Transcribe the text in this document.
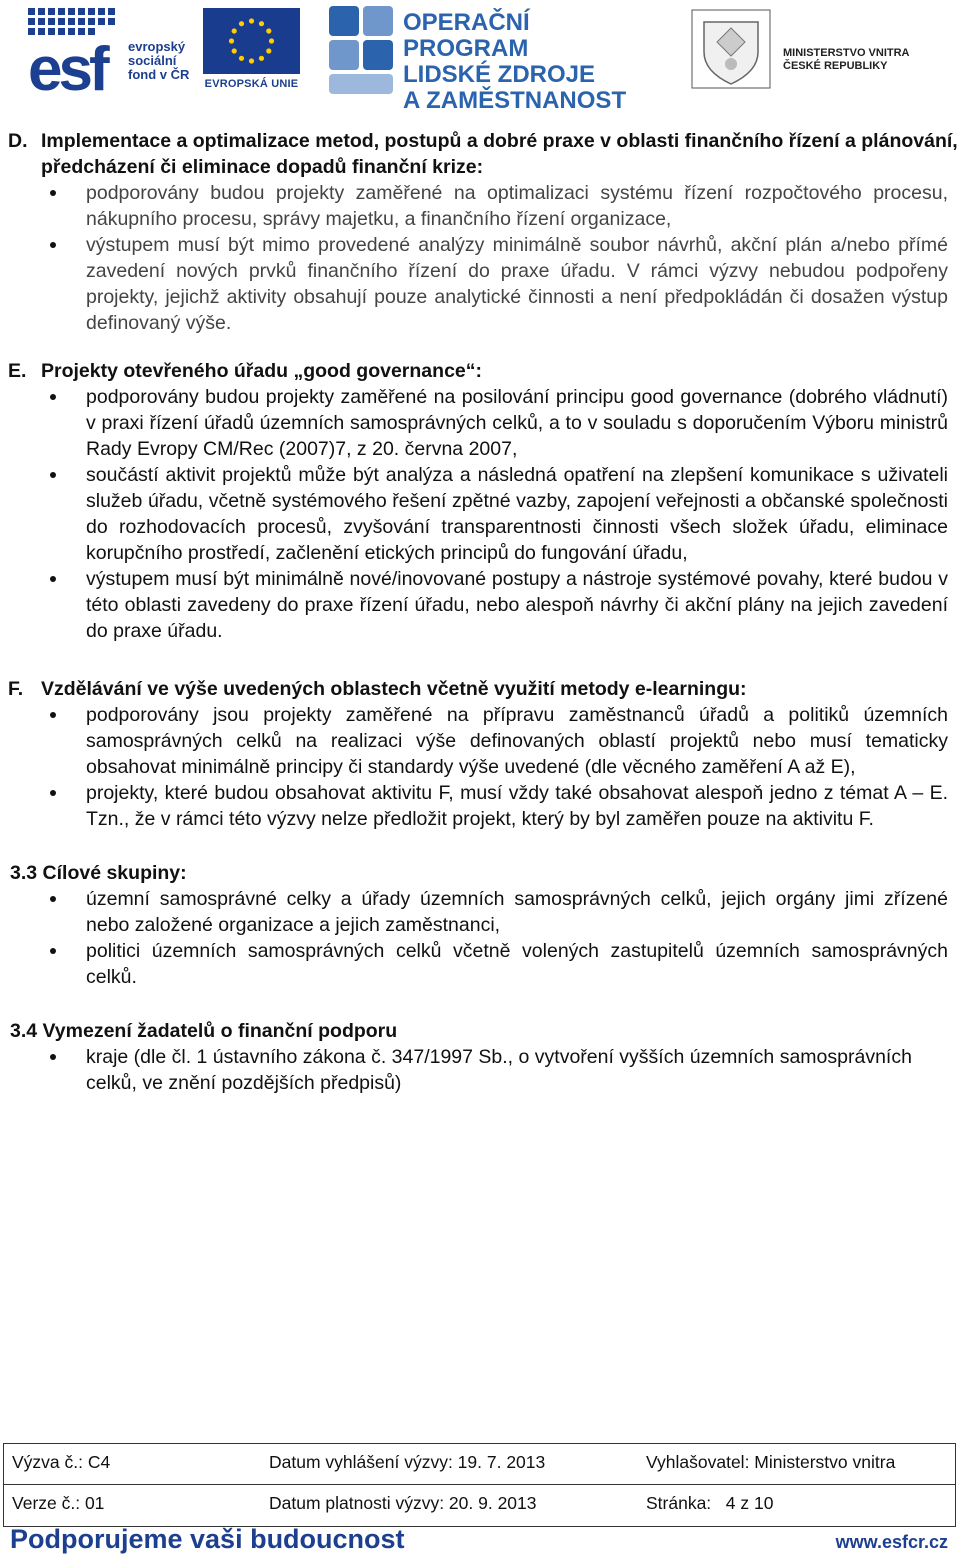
esf	evropský
sociální
fond v ČR
EVROPSKÁ UNIE
OPERAČNÍ PROGRAM
LIDSKÉ ZDROJE
A ZAMĚSTNANOST
MINISTERSTVO VNITRA
ČESKÉ REPUBLIKY
D. Implementace a optimalizace metod, postupů a dobré praxe v oblasti finančního řízení a plánování, předcházení či eliminace dopadů finanční krize:
podporovány budou projekty zaměřené na optimalizaci systému řízení rozpočtového procesu, nákupního procesu, správy majetku, a finančního řízení organizace,
výstupem musí být mimo provedené analýzy minimálně soubor návrhů, akční plán a/nebo přímé zavedení nových prvků finančního řízení do praxe úřadu. V rámci výzvy nebudou podpořeny projekty, jejichž aktivity obsahují pouze analytické činnosti a není předpokládán či dosažen výstup definovaný výše.
E. Projekty otevřeného úřadu „good governance“:
podporovány budou projekty zaměřené na posilování principu good governance (dobrého vládnutí) v praxi řízení úřadů územních samosprávných celků, a to v souladu s doporučením Výboru ministrů Rady Evropy CM/Rec (2007)7, z 20. června 2007,
součástí aktivit projektů může být analýza a následná opatření na zlepšení komunikace s uživateli služeb úřadu, včetně systémového řešení zpětné vazby, zapojení veřejnosti a občanské společnosti do rozhodovacích procesů, zvyšování transparentnosti činnosti všech složek úřadu, eliminace korupčního prostředí, začlenění etických principů do fungování úřadu,
výstupem musí být minimálně nové/inovované postupy a nástroje systémové povahy, které budou v této oblasti zavedeny do praxe řízení úřadu, nebo alespoň návrhy či akční plány na jejich zavedení do praxe úřadu.
F. Vzdělávání ve výše uvedených oblastech včetně využití metody e-learningu:
podporovány jsou projekty zaměřené na přípravu zaměstnanců úřadů a politiků územních samosprávných celků na realizaci výše definovaných oblastí projektů nebo musí tematicky obsahovat minimálně principy či standardy výše uvedené (dle věcného zaměření A až E),
projekty, které budou obsahovat aktivitu F, musí vždy také obsahovat alespoň jedno z témat A – E. Tzn., že v rámci této výzvy nelze předložit projekt, který by byl zaměřen pouze na aktivitu F.
3.3 Cílové skupiny:
územní samosprávné celky a úřady územních samosprávných celků, jejich orgány jimi zřízené nebo založené organizace a jejich zaměstnanci,
politici územních samosprávných celků včetně volených zastupitelů územních samosprávných celků.
3.4 Vymezení žadatelů o finanční podporu
kraje (dle čl. 1 ústavního zákona č. 347/1997 Sb., o vytvoření vyšších územních samosprávních celků, ve znění pozdějších předpisů)
Výzva č.: C4	Datum vyhlášení výzvy: 19. 7. 2013	Vyhlašovatel: Ministerstvo vnitra
Verze č.: 01	Datum platnosti výzvy: 20. 9. 2013	Stránka:   4 z 10
Podporujeme vaši budoucnost	www.esfcr.cz
